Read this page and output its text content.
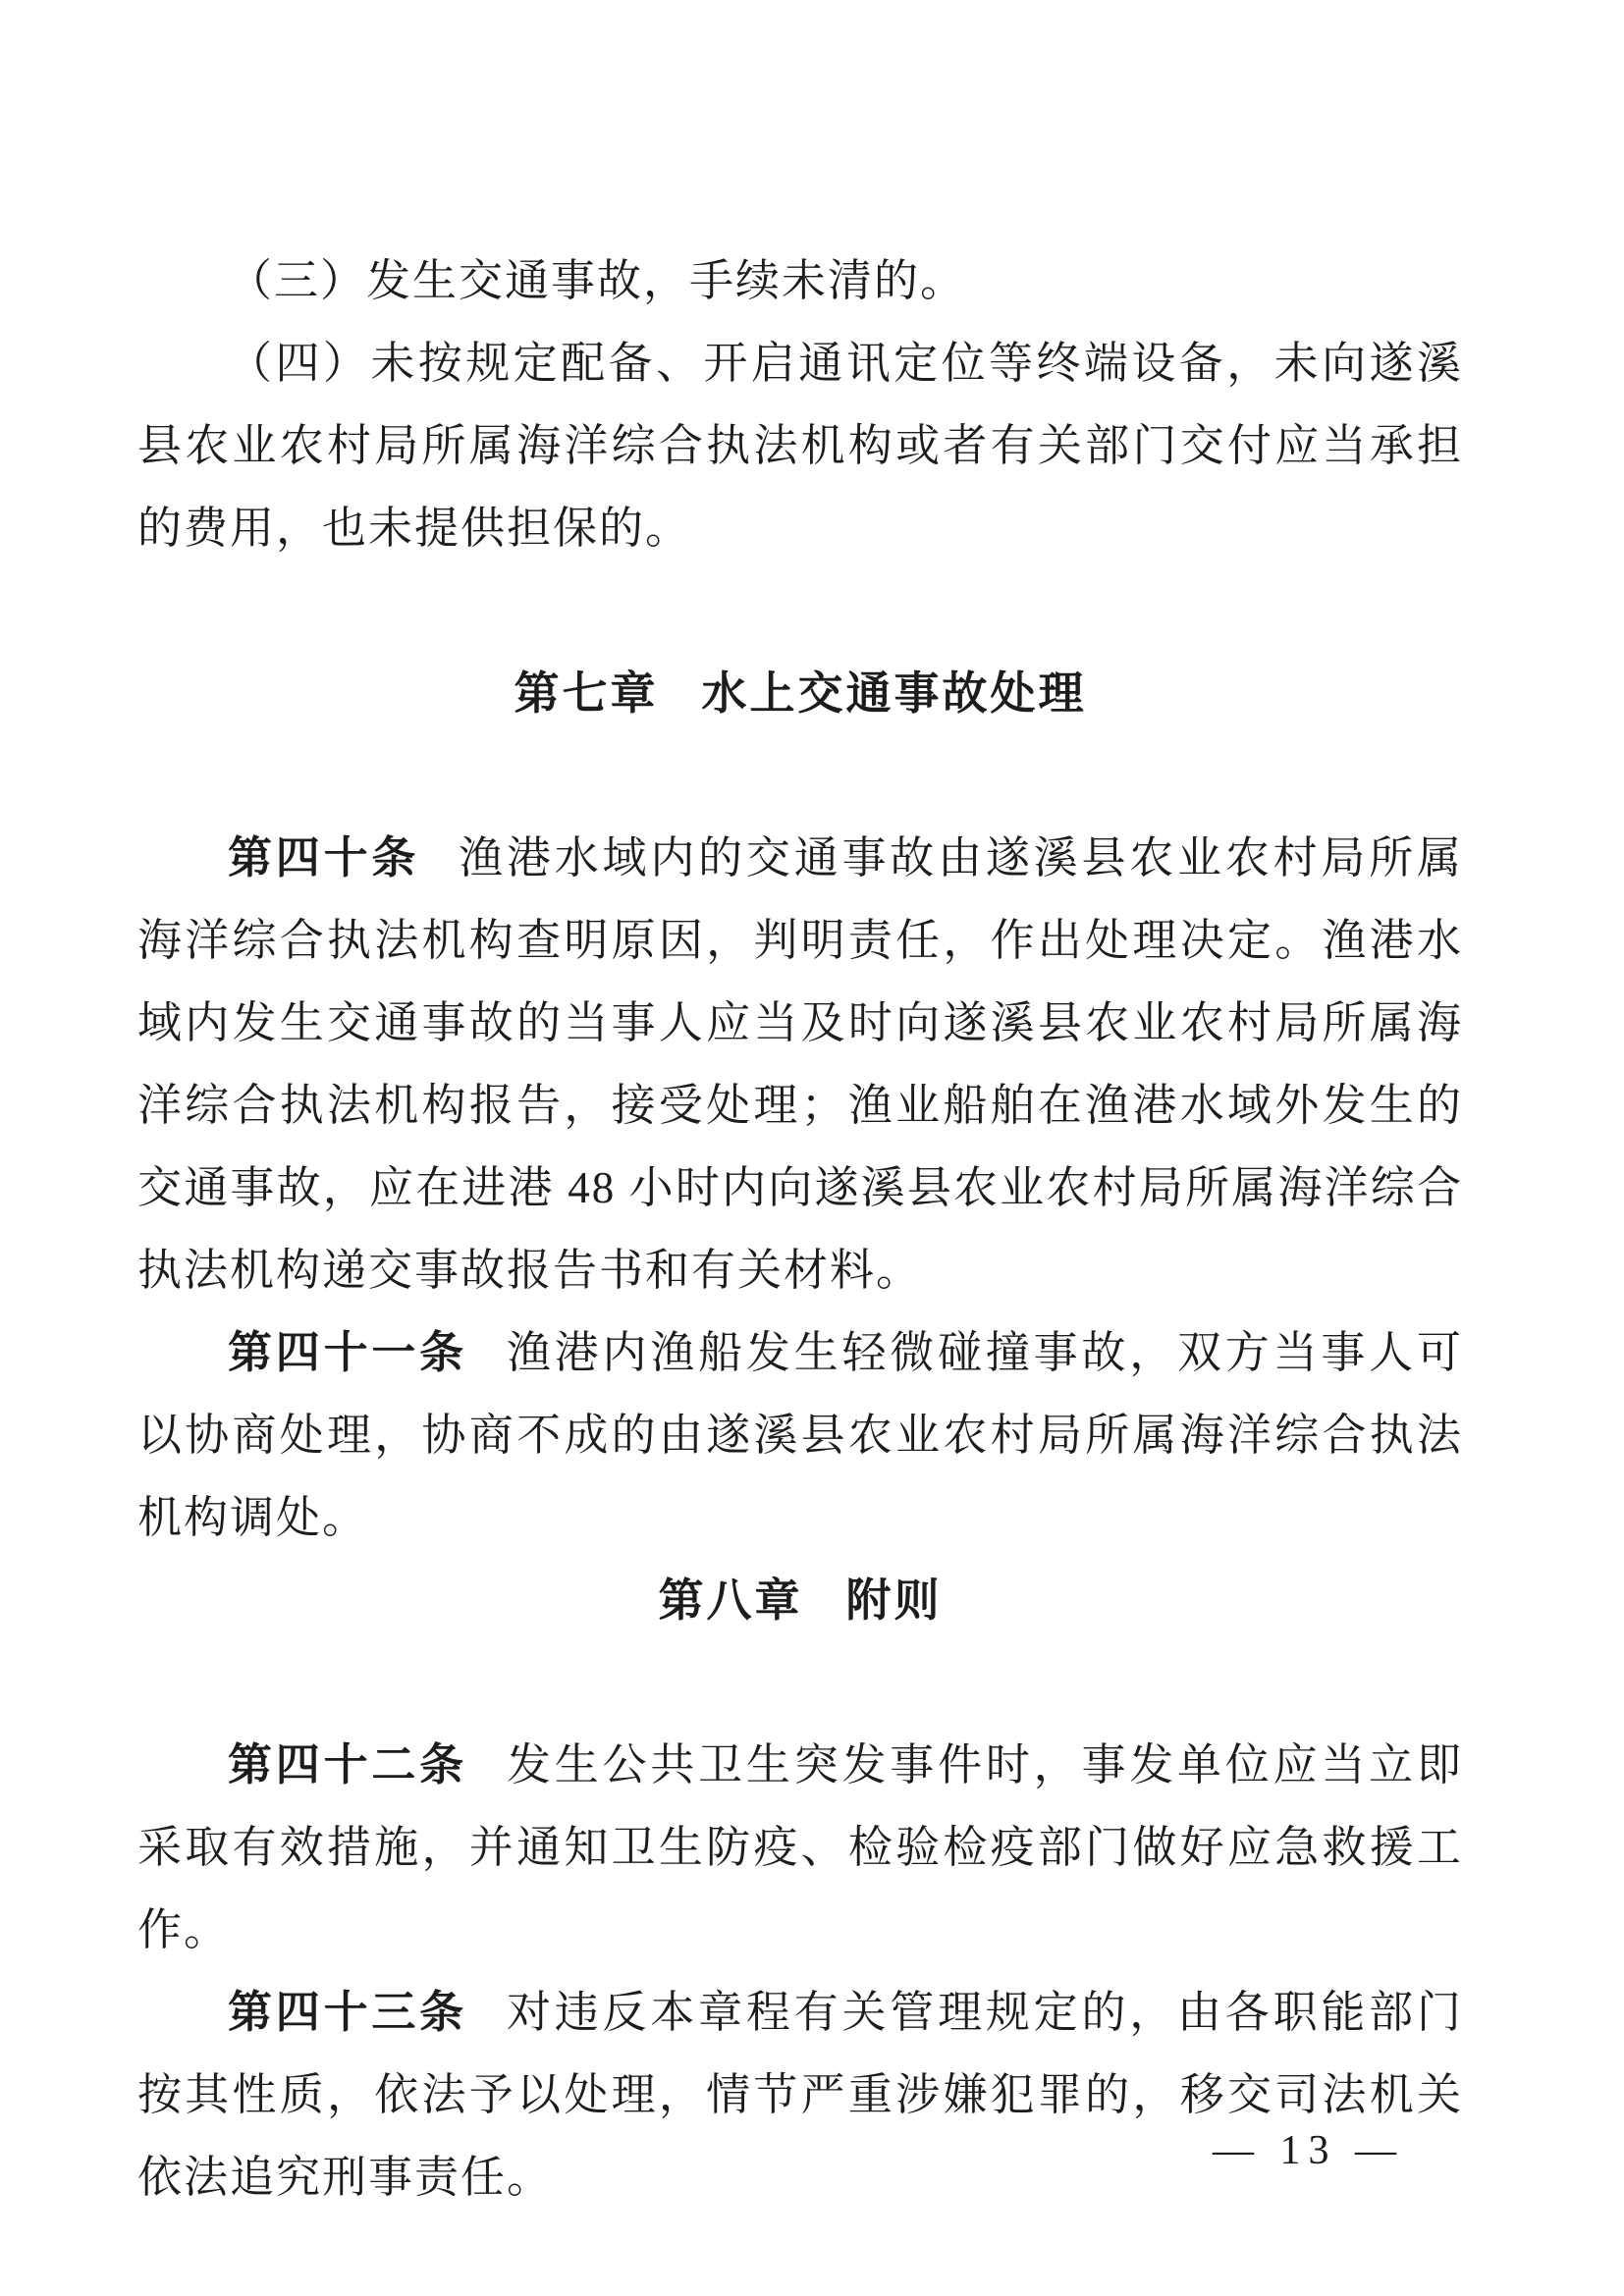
（三）发生交通事故，手续未清的。

（四）未按规定配备、开启通讯定位等终端设备，未向遂溪县农业农村局所属海洋综合执法机构或者有关部门交付应当承担的费用，也未提供担保的。

第七章 水上交通事故处理

第四十条 渔港水域内的交通事故由遂溪县农业农村局所属海洋综合执法机构查明原因，判明责任，作出处理决定。渔港水域内发生交通事故的当事人应当及时向遂溪县农业农村局所属海洋综合执法机构报告，接受处理；渔业船舶在渔港水域外发生的交通事故，应在进港 48 小时内向遂溪县农业农村局所属海洋综合执法机构递交事故报告书和有关材料。

第四十一条 渔港内渔船发生轻微碰撞事故，双方当事人可以协商处理，协商不成的由遂溪县农业农村局所属海洋综合执法机构调处。

第八章 附则

第四十二条 发生公共卫生突发事件时，事发单位应当立即采取有效措施，并通知卫生防疫、检验检疫部门做好应急救援工作。

第四十三条 对违反本章程有关管理规定的，由各职能部门按其性质，依法予以处理，情节严重涉嫌犯罪的，移交司法机关依法追究刑事责任。

— 13 —
